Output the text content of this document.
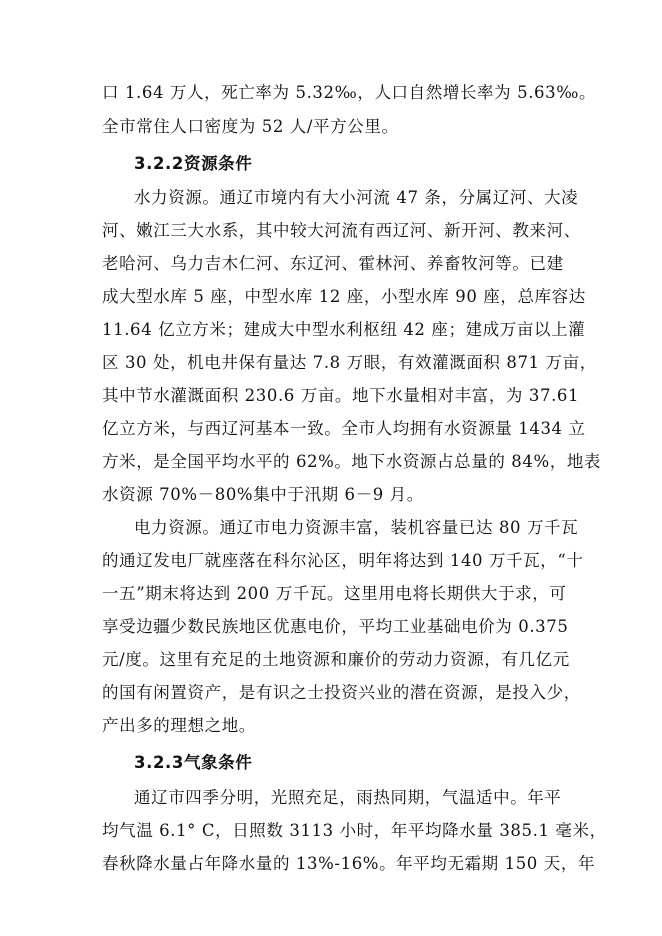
口 1.64 万人，死亡率为 5.32‰，人口自然增长率为 5.63‰。
全市常住人口密度为 52 人/平方公里。
3.2.2资源条件
水力资源。通辽市境内有大小河流 47 条，分属辽河、大凌
河、嫩江三大水系，其中较大河流有西辽河、新开河、教来河、
老哈河、乌力吉木仁河、东辽河、霍林河、养畜牧河等。已建
成大型水库 5 座，中型水库 12 座，小型水库 90 座，总库容达
11.64 亿立方米；建成大中型水利枢纽 42 座；建成万亩以上灌
区 30 处，机电井保有量达 7.8 万眼，有效灌溉面积 871 万亩，
其中节水灌溉面积 230.6 万亩。地下水量相对丰富，为 37.61
亿立方米，与西辽河基本一致。全市人均拥有水资源量 1434 立
方米，是全国平均水平的 62%。地下水资源占总量的 84%，地表
水资源 70%－80%集中于汛期 6－9 月。
电力资源。通辽市电力资源丰富，装机容量已达 80 万千瓦
的通辽发电厂就座落在科尔沁区，明年将达到 140 万千瓦，“十
一五”期末将达到 200 万千瓦。这里用电将长期供大于求，可
享受边疆少数民族地区优惠电价，平均工业基础电价为 0.375
元/度。这里有充足的土地资源和廉价的劳动力资源，有几亿元
的国有闲置资产，是有识之士投资兴业的潜在资源，是投入少，
产出多的理想之地。
3.2.3气象条件
通辽市四季分明，光照充足，雨热同期，气温适中。年平
均气温 6.1° C，日照数 3113 小时，年平均降水量 385.1 毫米，
春秋降水量占年降水量的 13%-16%。年平均无霜期 150 天，年
